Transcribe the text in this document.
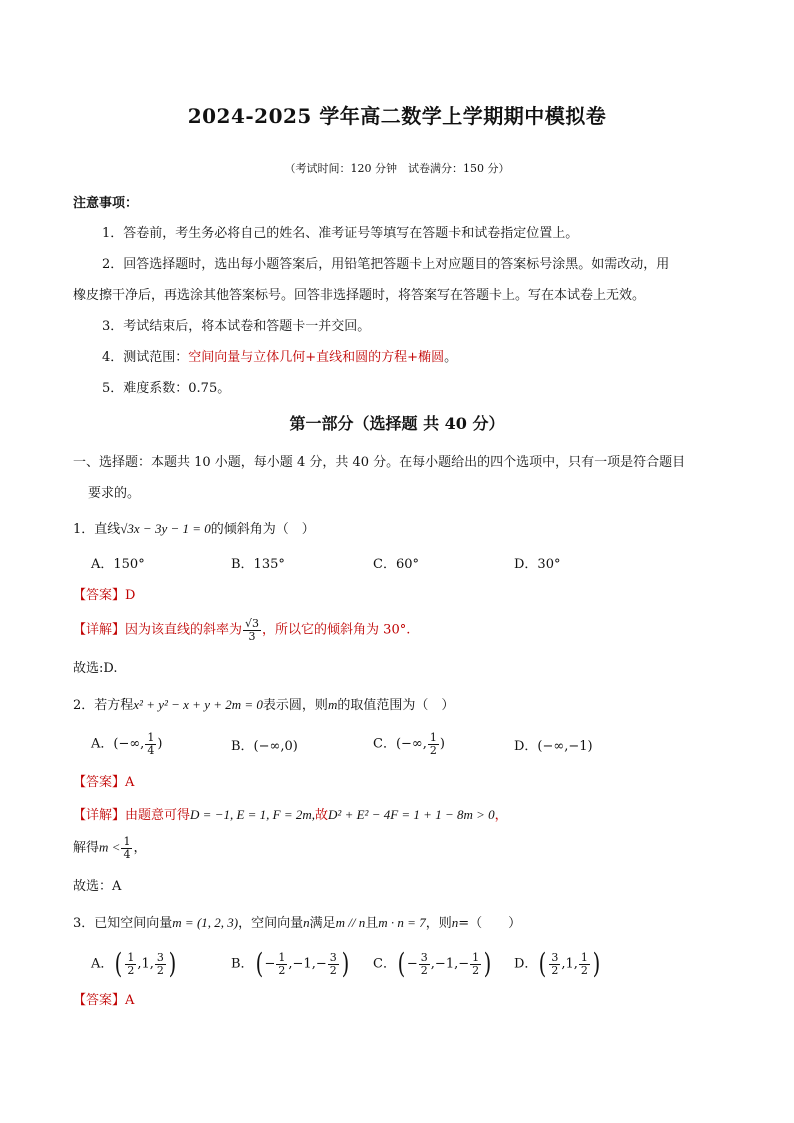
2024-2025 学年高二数学上学期期中模拟卷
（考试时间：120 分钟　试卷满分：150 分）
注意事项：
1．答卷前，考生务必将自己的姓名、准考证号等填写在答题卡和试卷指定位置上。
2．回答选择题时，选出每小题答案后，用铅笔把答题卡上对应题目的答案标号涂黑。如需改动，用
橡皮擦干净后，再选涂其他答案标号。回答非选择题时，将答案写在答题卡上。写在本试卷上无效。
3．考试结束后，将本试卷和答题卡一并交回。
4．测试范围：空间向量与立体几何+直线和圆的方程+椭圆。
5．难度系数：0.75。
第一部分（选择题 共 40 分）
一、选择题：本题共 10 小题，每小题 4 分，共 40 分。在每小题给出的四个选项中，只有一项是符合题目
要求的。
1．直线√3x − 3y − 1 = 0的倾斜角为（　）
A．150°	B．135°	C．60°	D．30°
【答案】D
【详解】因为该直线的斜率为 $\frac{√3}{3}$ ，所以它的倾斜角为 30°.
故选:D.
2．若方程x² + y² − x + y + 2m = 0表示圆，则m的取值范围为（　）
A．(−∞, $\frac{1}{4}$ )	B．(−∞,0)	C．(−∞, $\frac{1}{2}$ )	D．(−∞,−1)
【答案】A
【详解】由题意可得D = −1, E = 1, F = 2m,故D² + E² − 4F = 1 + 1 − 8m > 0，
解得$m < \frac{1}{4}$ ，
故选：A
3．已知空间向量m = (1, 2, 3)，空间向量n满足m // n且m · n = 7，则n=（　　）
A．( $\frac{1}{2} ,1$, $\frac{3}{2}$ )	B．( − $\frac{1}{2} ,-1,- \frac{3}{2}$ ) C．( − $\frac{3}{2} ,-1,- \frac{1}{2}$ ) D．( $\frac{3}{2} ,1$, $\frac{1}{2}$ )
【答案】A
